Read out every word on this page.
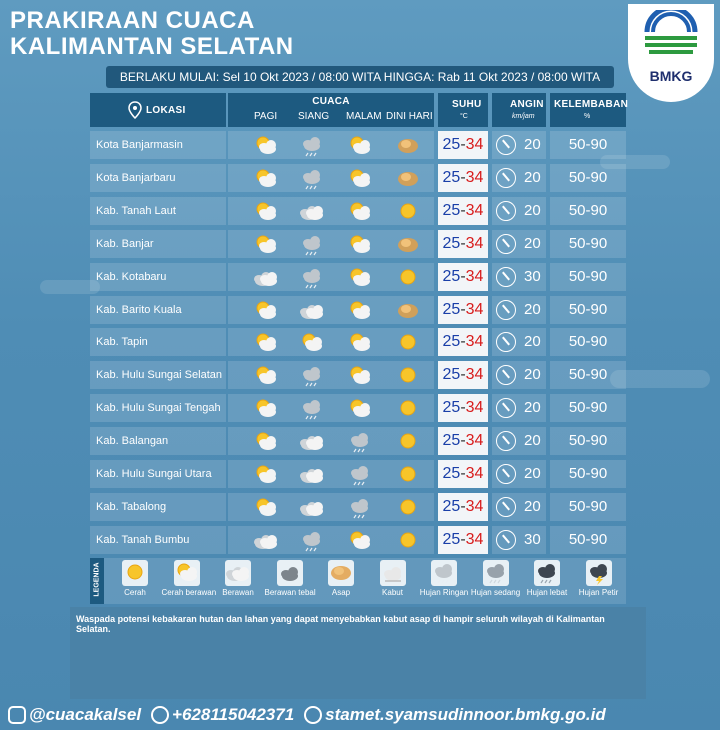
PRAKIRAAN CUACA
KALIMANTAN SELATAN
BMKG
BERLAKU MULAI: Sel 10 Okt 2023 / 08:00 WITA HINGGA: Rab 11 Okt 2023 / 08:00 WITA
LOKASI
CUACA
PAGI SIANG MALAM DINI HARI
SUHU
°C
ANGIN
km/jam
KELEMBABAN
%
Kota Banjarmasin	25-34	20	50-90
Kota Banjarbaru	25-34	20	50-90
Kab. Tanah Laut	25-34	20	50-90
Kab. Banjar	25-34	20	50-90
Kab. Kotabaru	25-34	30	50-90
Kab. Barito Kuala	25-34	20	50-90
Kab. Tapin	25-34	20	50-90
Kab. Hulu Sungai Selatan	25-34	20	50-90
Kab. Hulu Sungai Tengah	25-34	20	50-90
Kab. Balangan	25-34	20	50-90
Kab. Hulu Sungai Utara	25-34	20	50-90
Kab. Tabalong	25-34	20	50-90
Kab. Tanah Bumbu	25-34	30	50-90
LEGENDA	Cerah	Cerah berawan Berawan	Berawan tebal	Asap	Kabut	Hujan Ringan Hujan sedang Hujan lebat	Hujan Petir
Waspada potensi kebakaran hutan dan lahan yang dapat menyebabkan kabut asap di hampir seluruh wilayah di Kalimantan Selatan.
@cuacakalsel +628115042371 stamet.syamsudinnoor.bmkg.go.id
